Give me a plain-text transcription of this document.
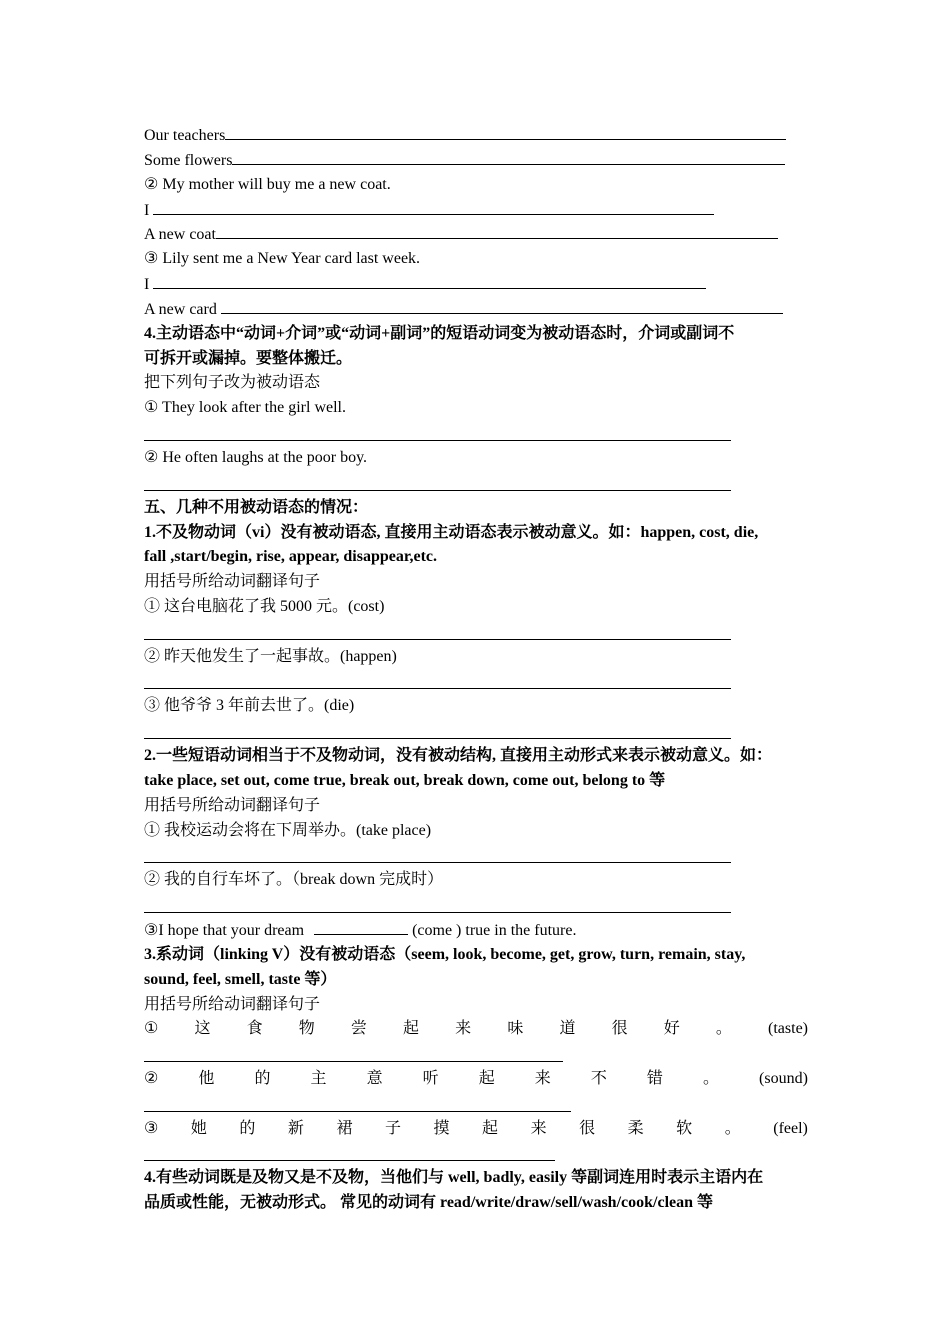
Our teachers
Some flowers
② My mother will buy me a new coat.
I
A new coat
③ Lily sent me a New Year card last week.
I
A new card
4.主动语态中“动词+介词”或“动词+副词”的短语动词变为被动语态时，介词或副词不
可拆开或漏掉。要整体搬迁。
把下列句子改为被动语态
① They look after the girl well.
② He often laughs at the poor boy.
五、几种不用被动语态的情况：
1.不及物动词（vi）没有被动语态, 直接用主动语态表示被动意义。如：happen, cost, die,
fall ,start/begin, rise, appear, disappear,etc.
用括号所给动词翻译句子
① 这台电脑花了我 5000 元。(cost)
② 昨天他发生了一起事故。(happen)
③ 他爷爷 3 年前去世了。(die)
2.一些短语动词相当于不及物动词，没有被动结构, 直接用主动形式来表示被动意义。如：
take place, set out, come true, break out, break down, come out, belong to 等
用括号所给动词翻译句子
① 我校运动会将在下周举办。(take place)
② 我的自行车坏了。（break down 完成时）
③I hope that your dream	(come ) true in the future.
3.系动词（linking V）没有被动语态（seem, look, become, get, grow, turn, remain, stay,
sound, feel, smell, taste 等）
用括号所给动词翻译句子
① 这 食 物 尝 起 来 味 道 很 好 。 (taste)
②	他	的	主	意	听	起	来	不	错	。	(sound)
③ 她 的 新 裙 子 摸 起 来 很 柔 软 。 (feel)
4.有些动词既是及物又是不及物，当他们与 well, badly, easily 等副词连用时表示主语内在
品质或性能，无被动形式。 常见的动词有 read/write/draw/sell/wash/cook/clean 等
